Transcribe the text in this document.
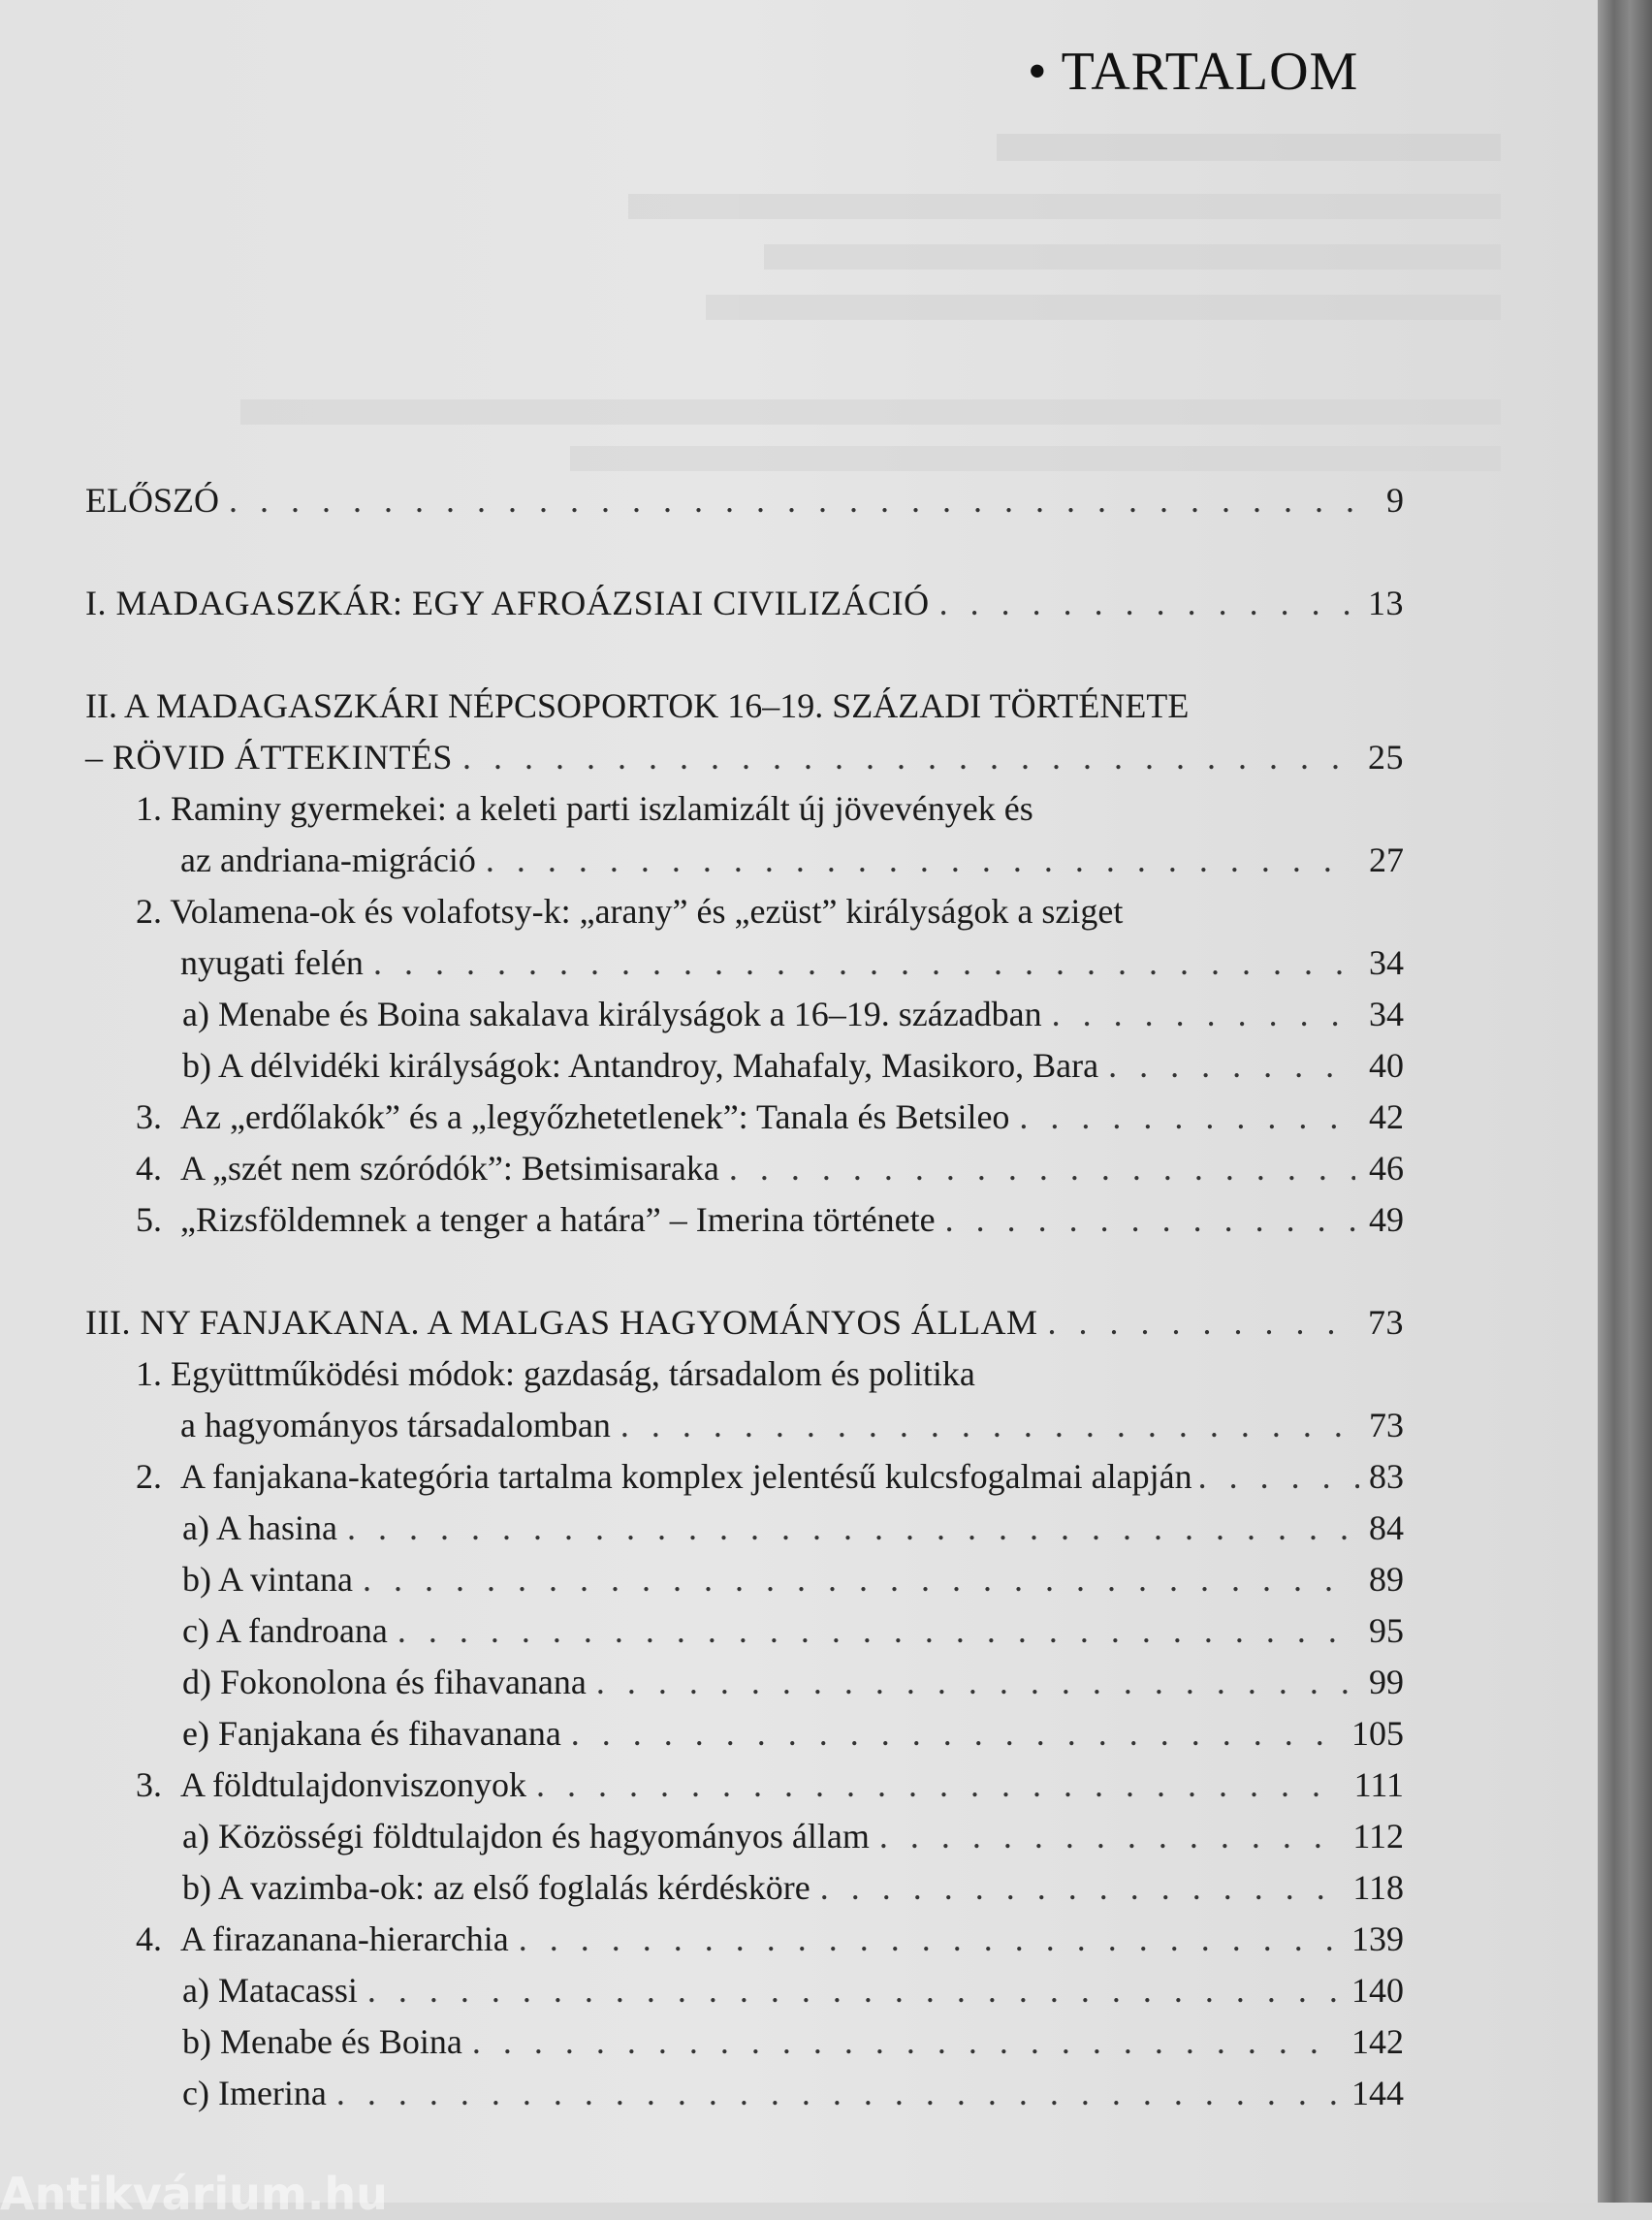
• TARTALOM
ELŐSZÓ . . .	9
I. MADAGASZKÁR: EGY AFROÁZSIAI CIVILIZÁCIÓ . . .	13
II. A MADAGASZKÁRI NÉPCSOPORTOK 16–19. SZÁZADI TÖRTÉNETE
– RÖVID ÁTTEKINTÉS . . .	25
1. Raminy gyermekei: a keleti parti iszlamizált új jövevények és
az andriana-migráció . . .	27
2. Volamena-ok és volafotsy-k: „arany” és „ezüst” királyságok a sziget
nyugati felén . . .	34
a) Menabe és Boina sakalava királyságok a 16–19. században . . .	34
b) A délvidéki királyságok: Antandroy, Mahafaly, Masikoro, Bara . . .	40
3. Az „erdőlakók” és a „legyőzhetetlenek”: Tanala és Betsileo . . .	42
4. A „szét nem szóródók”: Betsimisaraka . . .	46
5. „Rizsföldemnek a tenger a határa” – Imerina története . . .	49
III. NY FANJAKANA. A MALGAS HAGYOMÁNYOS ÁLLAM . . .	73
1. Együttműködési módok: gazdaság, társadalom és politika
a hagyományos társadalomban . . .	73
2. A fanjakana-kategória tartalma komplex jelentésű kulcsfogalmai alapján . . .	83
a) A hasina . . .	84
b) A vintana . . .	89
c) A fandroana . . .	95
d) Fokonolona és fihavanana . . .	99
e) Fanjakana és fihavanana . . .	105
3. A földtulajdonviszonyok . . .	111
a) Közösségi földtulajdon és hagyományos állam . . .	112
b) A vazimba-ok: az első foglalás kérdésköre . . .	118
4. A firazanana-hierarchia . . .	139
a) Matacassi . . .	140
b) Menabe és Boina . . .	142
c) Imerina . . .	144
Antikvárium.hu
